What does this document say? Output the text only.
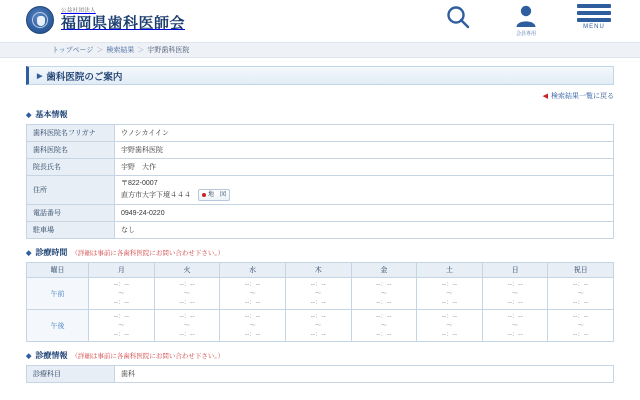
公益社団法人
福岡県歯科医師会
会員専用
MENU
トップページ ＞ 検索結果 ＞ 宇野歯科医院
▶ 歯科医院のご案内
◀ 検索結果一覧に戻る
◆ 基本情報
歯科医院名フリガナ	ウノシカイイン
歯科医院名	宇野歯科医院
院長氏名	宇野　大作
住所	〒822-0007
直方市大字下境４４４ 地　図

電話番号	0949-24-0220
駐車場	なし
◆ 診療時間 （詳細は事前に各歯科医院にお問い合わせ下さい。）
曜日	月	火	水	木	金	土	日	祝日
午前	--：--
～
--：--	--：--
～
--：--	--：--
～
--：--	--：--
～
--：--	--：--
～
--：--	--：--
～
--：--	--：--
～
--：--	--：--
～
--：--
午後	--：--
～
--：--	--：--
～
--：--	--：--
～
--：--	--：--
～
--：--	--：--
～
--：--	--：--
～
--：--	--：--
～
--：--	--：--
～
--：--
◆ 診療情報 （詳細は事前に各歯科医院にお問い合わせ下さい。）
診療科目	歯科
